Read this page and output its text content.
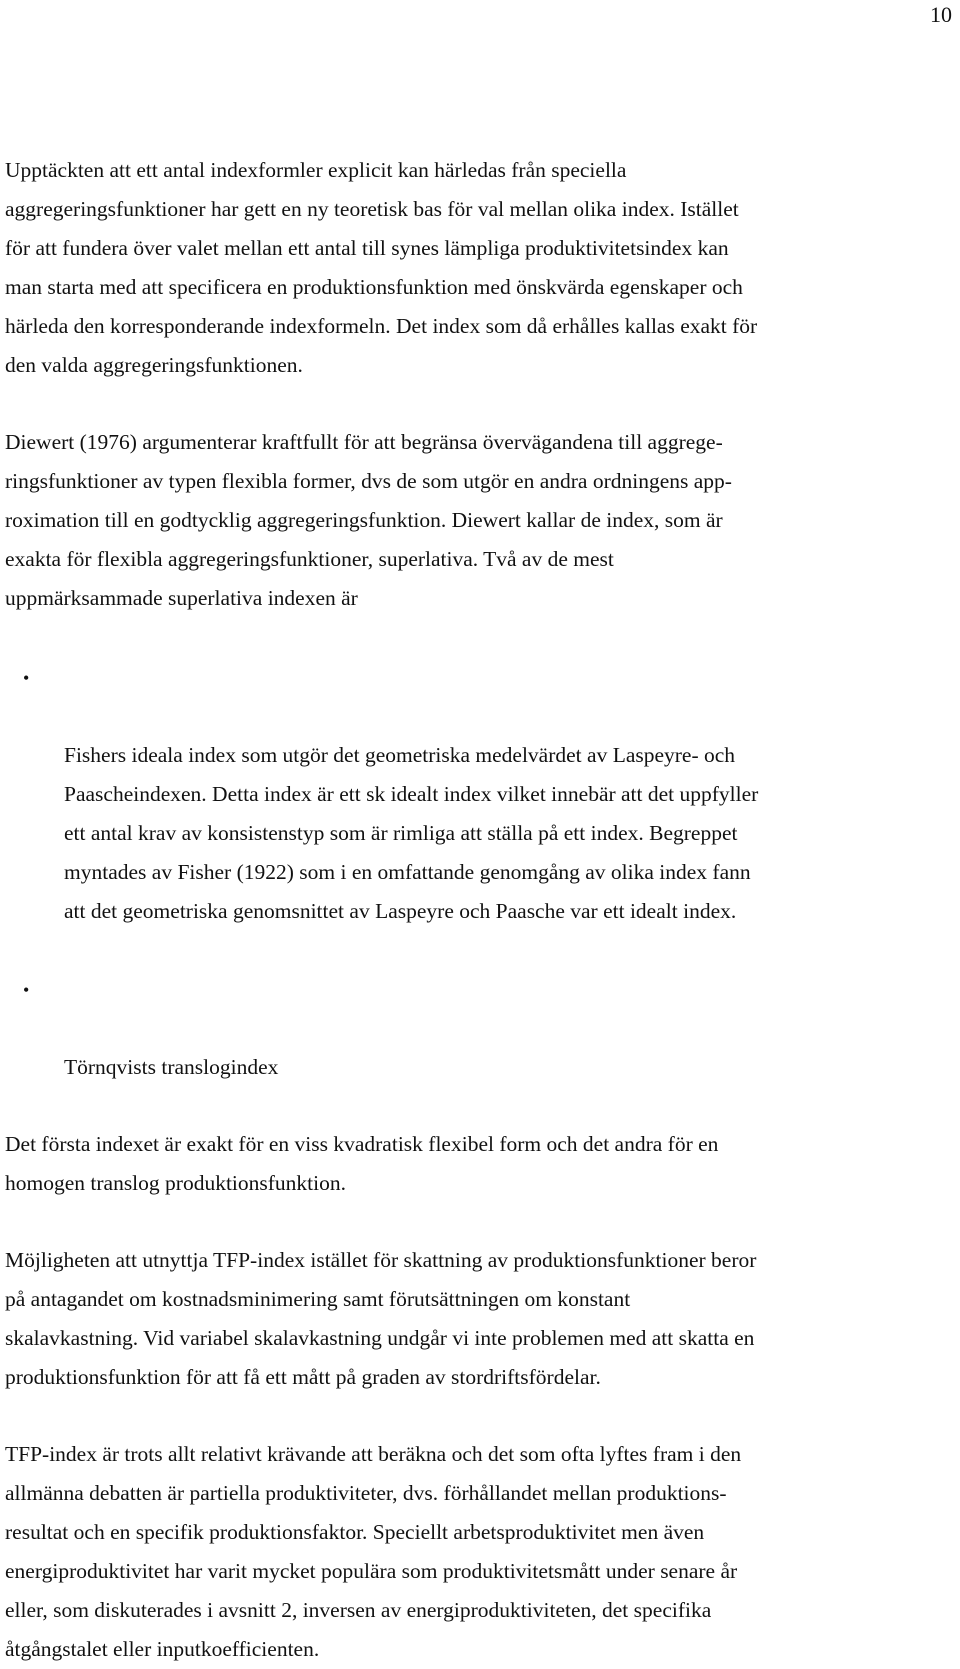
10

Upptäckten att ett antal indexformler explicit kan härledas från speciella
aggregeringsfunktioner har gett en ny teoretisk bas för val mellan olika index. Istället
för att fundera över valet mellan ett antal till synes lämpliga produktivitetsindex kan
man starta med att specificera en produktionsfunktion med önskvärda egenskaper och
härleda den korresponderande indexformeln. Det index som då erhålles kallas exakt för
den valda aggregeringsfunktionen.

Diewert (1976) argumenterar kraftfullt för att begränsa övervägandena till aggrege-
ringsfunktioner av typen flexibla former, dvs de som utgör en andra ordningens app-
roximation till en godtycklig aggregeringsfunktion. Diewert kallar de index, som är
exakta för flexibla aggregeringsfunktioner, superlativa. Två av de mest
uppmärksammade superlativa indexen är

•

Fishers ideala index som utgör det geometriska medelvärdet av Laspeyre- och
Paascheindexen. Detta index är ett sk idealt index vilket innebär att det uppfyller
ett antal krav av konsistenstyp som är rimliga att ställa på ett index. Begreppet
myntades av Fisher (1922) som i en omfattande genomgång av olika index fann
att det geometriska genomsnittet av Laspeyre och Paasche var ett idealt index.

•

Törnqvists translogindex

Det första indexet är exakt för en viss kvadratisk flexibel form och det andra för en
homogen translog produktionsfunktion.

Möjligheten att utnyttja TFP-index istället för skattning av produktionsfunktioner beror
på antagandet om kostnadsminimering samt förutsättningen om konstant
skalavkastning. Vid variabel skalavkastning undgår vi inte problemen med att skatta en
produktionsfunktion för att få ett mått på graden av stordriftsfördelar.

TFP-index är trots allt relativt krävande att beräkna och det som ofta lyftes fram i den
allmänna debatten är partiella produktiviteter, dvs. förhållandet mellan produktions-
resultat och en specifik produktionsfaktor. Speciellt arbetsproduktivitet men även
energiproduktivitet har varit mycket populära som produktivitetsmått under senare år
eller, som diskuterades i avsnitt 2, inversen av energiproduktiviteten, det specifika
åtgångstalet eller inputkoefficienten.
